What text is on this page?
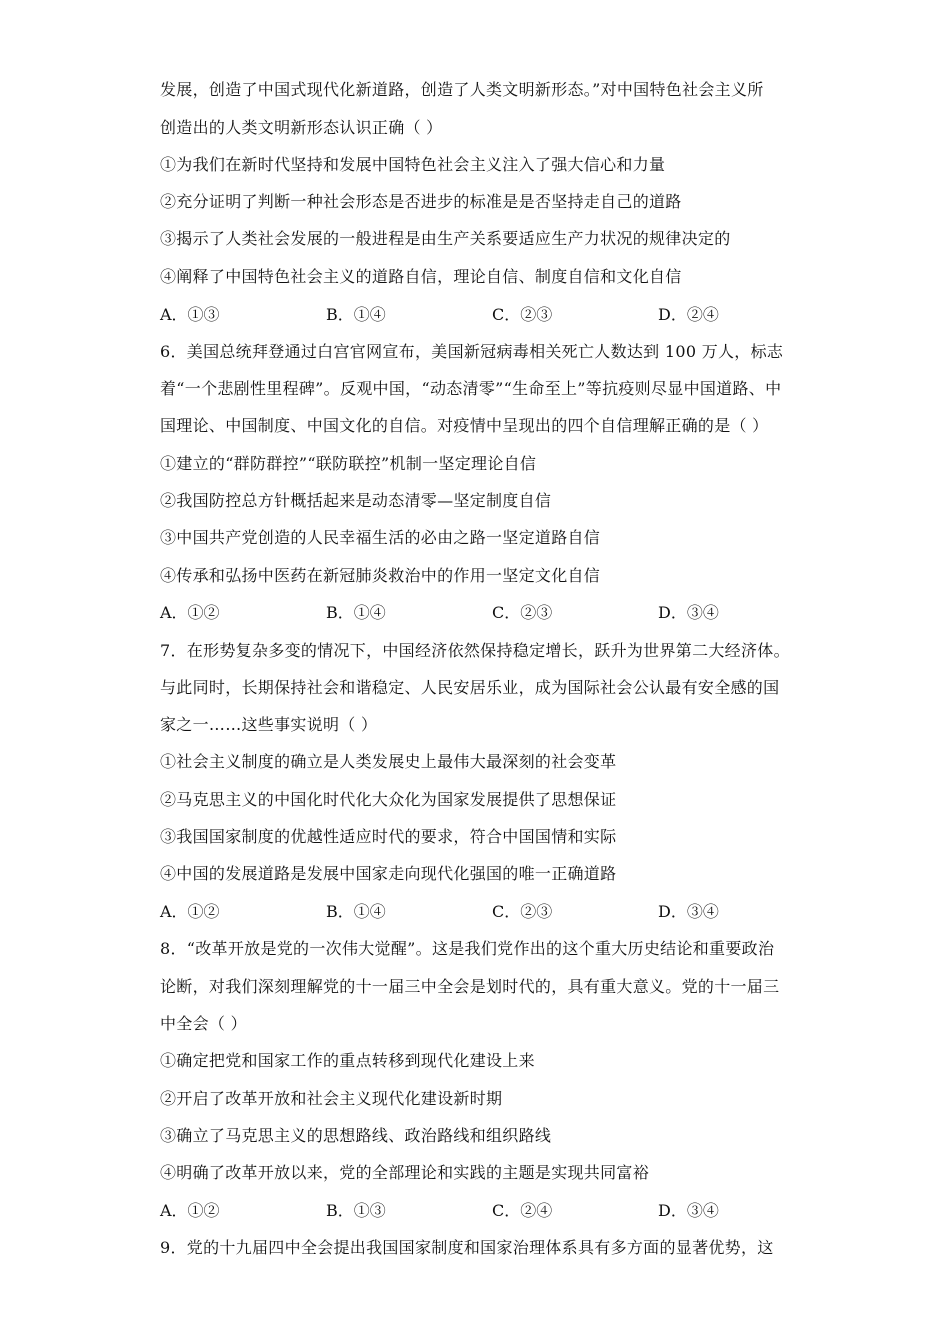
发展，创造了中国式现代化新道路，创造了人类文明新形态。”对中国特色社会主义所
创造出的人类文明新形态认识正确（ ）
①为我们在新时代坚持和发展中国特色社会主义注入了强大信心和力量
②充分证明了判断一种社会形态是否进步的标准是是否坚持走自己的道路
③揭示了人类社会发展的一般进程是由生产关系要适应生产力状况的规律决定的
④阐释了中国特色社会主义的道路自信，理论自信、制度自信和文化自信
A．①③	B．①④	C．②③	D．②④
6．美国总统拜登通过白宫官网宣布，美国新冠病毒相关死亡人数达到 100 万人，标志
着“一个悲剧性里程碑”。反观中国，“动态清零”“生命至上”等抗疫则尽显中国道路、中
国理论、中国制度、中国文化的自信。对疫情中呈现出的四个自信理解正确的是（ ）
①建立的“群防群控”“联防联控”机制一坚定理论自信
②我国防控总方针概括起来是动态清零—坚定制度自信
③中国共产党创造的人民幸福生活的必由之路一坚定道路自信
④传承和弘扬中医药在新冠肺炎救治中的作用一坚定文化自信
A．①②	B．①④	C．②③	D．③④
7．在形势复杂多变的情况下，中国经济依然保持稳定增长，跃升为世界第二大经济体。
与此同时，长期保持社会和谐稳定、人民安居乐业，成为国际社会公认最有安全感的国
家之一……这些事实说明（ ）
①社会主义制度的确立是人类发展史上最伟大最深刻的社会变革
②马克思主义的中国化时代化大众化为国家发展提供了思想保证
③我国国家制度的优越性适应时代的要求，符合中国国情和实际
④中国的发展道路是发展中国家走向现代化强国的唯一正确道路
A．①②	B．①④	C．②③	D．③④
8．“改革开放是党的一次伟大觉醒”。这是我们党作出的这个重大历史结论和重要政治
论断，对我们深刻理解党的十一届三中全会是划时代的，具有重大意义。党的十一届三
中全会（ ）
①确定把党和国家工作的重点转移到现代化建设上来
②开启了改革开放和社会主义现代化建设新时期
③确立了马克思主义的思想路线、政治路线和组织路线
④明确了改革开放以来，党的全部理论和实践的主题是实现共同富裕
A．①②	B．①③	C．②④	D．③④
9．党的十九届四中全会提出我国国家制度和国家治理体系具有多方面的显著优势，这
